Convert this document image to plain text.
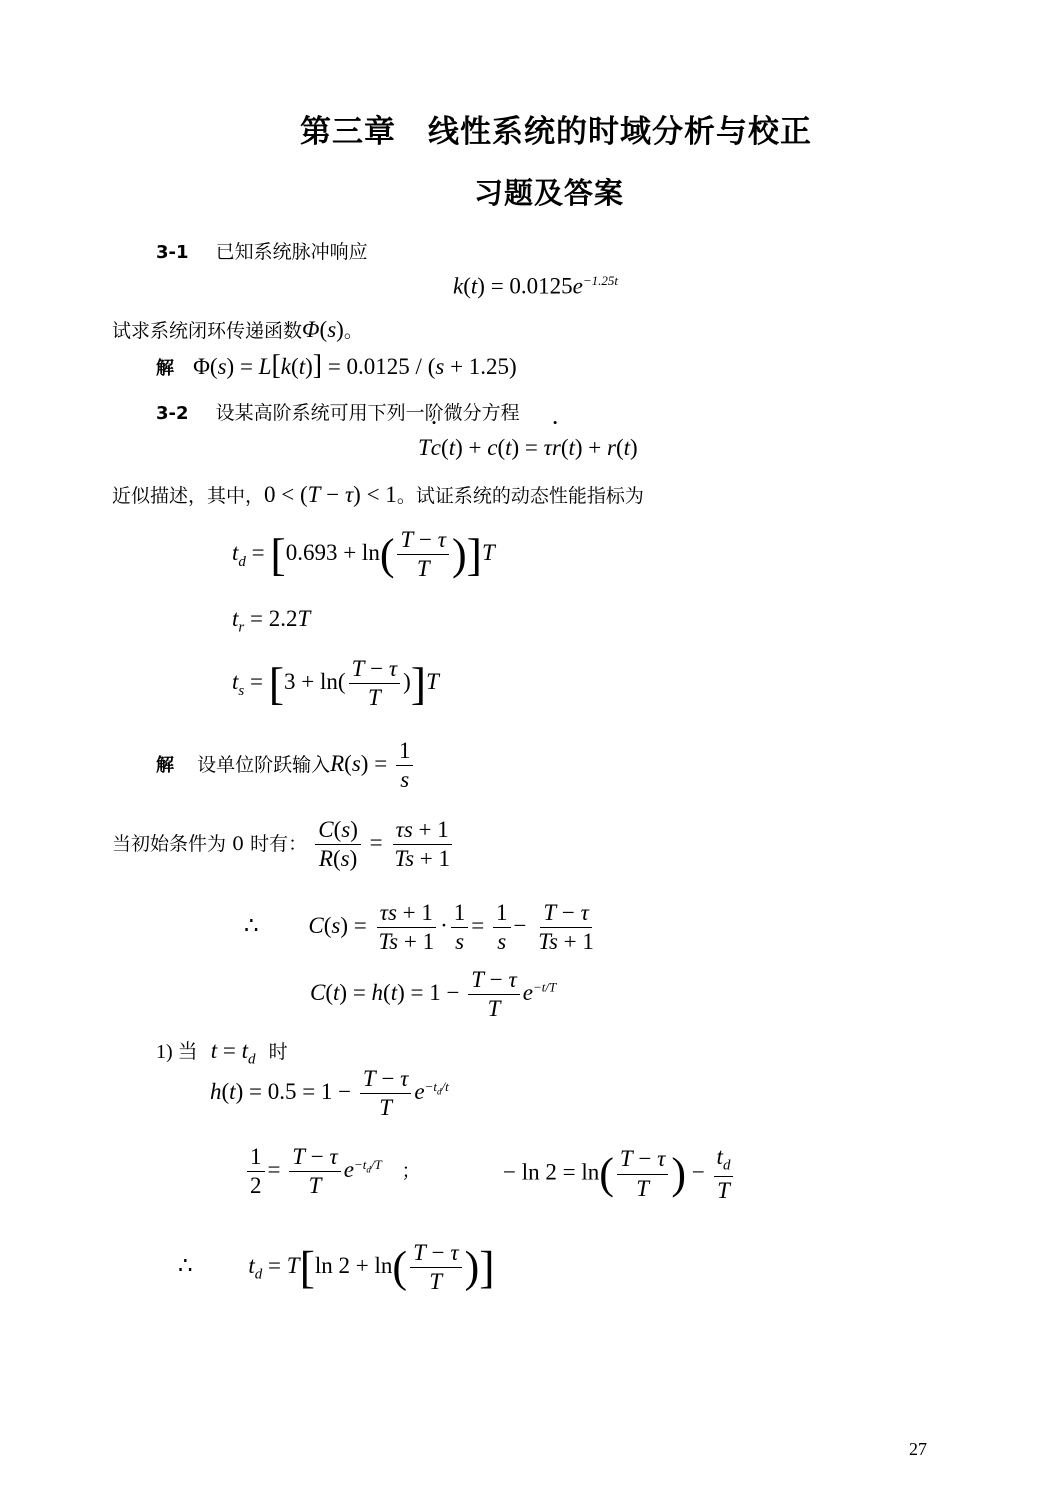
第三章　线性系统的时域分析与校正
习题及答案
3-1 已知系统脉冲响应
$k(t) = 0.0125e^{-1.25t}$
试求系统闭环传递函数Φ(s)。
解 Φ(s) = L[k(t)] = 0.0125 / (s + 1.25)
3-2 设某高阶系统可用下列一阶微分方程
T• c(t) + c(t) = τ• r(t) + r(t)
近似描述，其中，0 < (T − τ) < 1。试证系统的动态性能指标为
$t_d = [0.693 + \ln( \frac{T - \tau}{T} )]T$
$t_r = 2.2T$
$t_s = [3 + \ln( \frac{T - \tau}{T} )]T$
解 设单位阶跃输入$R(s) = \frac{1}{s}$
当初始条件为 0 时有： $\frac{C(s)}{R(s)} = \frac{\tau s + 1}{Ts + 1}$
∴ $C(s) = \frac{\tau s + 1}{Ts + 1} \cdot \frac{1}{s} = \frac{1}{s} - \frac{T - \tau}{Ts + 1}$
$C(t) = h(t) = 1 - \frac{T - \tau}{T} e^{-t/T}$
1) 当 $t = t_d$ 时
$h(t) = 0.5 = 1 - \frac{T - \tau}{T} e^{-t_d/t}$
$\frac{1}{2} = \frac{T - \tau}{T} e^{-t_d/T}$ ；	− $\ln 2 = \ln( \frac{T - \tau}{T}$ ) − $\frac{t_d}{T}$
∴ $t_d = T[\ln$ $2 + \ln( \frac{T - \tau}{T}$ )]
27
